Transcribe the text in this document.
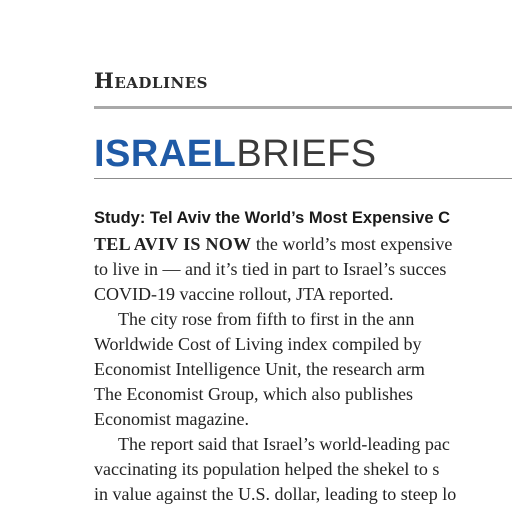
Headlines
ISRAELBRIEFS
Study: Tel Aviv the World’s Most Expensive C
TEL AVIV IS NOW the world’s most expensive
to live in — and it’s tied in part to Israel’s succes
COVID-19 vaccine rollout, JTA reported.
The city rose from fifth to first in the ann
Worldwide Cost of Living index compiled by
Economist Intelligence Unit, the research arm
The Economist Group, which also publishes
Economist magazine.
The report said that Israel’s world-leading pac
vaccinating its population helped the shekel to s
in value against the U.S. dollar, leading to steep lo
